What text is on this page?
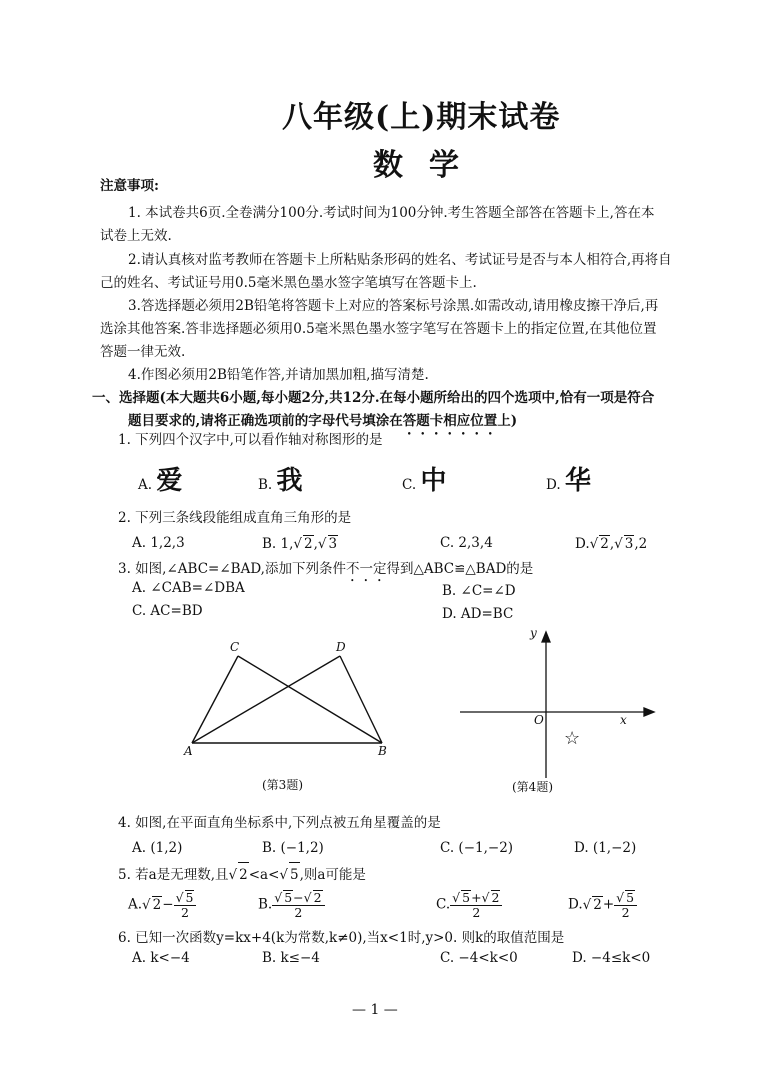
八年级(上)期末试卷
数学
注意事项:
1. 本试卷共6页.全卷满分100分.考试时间为100分钟.考生答题全部答在答题卡上,答在本
试卷上无效.
2.请认真核对监考教师在答题卡上所粘贴条形码的姓名、考试证号是否与本人相符合,再将自
己的姓名、考试证号用0.5毫米黑色墨水签字笔填写在答题卡上.
3.答选择题必须用2B铅笔将答题卡上对应的答案标号涂黑.如需改动,请用橡皮擦干净后,再
选涂其他答案.答非选择题必须用0.5毫米黑色墨水签字笔写在答题卡上的指定位置,在其他位置
答题一律无效.
4.作图必须用2B铅笔作答,并请加黑加粗,描写清楚.
一、选择题(本大题共6小题,每小题2分,共12分.在每小题所给出的四个选项中,恰有一项是符合
题目要求的,请将正确选项前的字母代号填涂在答题卡相应位置上)
1. 下列四个汉字中,可以看作轴对称图形的是
A. 爱	B. 我	C. 中	D. 华
2. 下列三条线段能组成直角三角形的是
A. 1,2,3	B. 1, √ 2, √ 3	C. 2,3,4	D. √ 2, √ 3,2
3. 如图,∠ABC=∠BAD,添加下列条件不一定得到△ABC≌△BAD的是
A. ∠CAB=∠DBA	B. ∠C=∠D
C. AC=BD	D. AD=BC
C	D
A	B
(第3题)
y
x
O
☆
(第4题)
4. 如图,在平面直角坐标系中,下列点被五角星覆盖的是
A. (1,2)	B. (−1,2)	C. (−1,−2)	D. (1,−2)
5. 若a是无理数,且 √ 2<a< √ 5,则a可能是
A. √ 2− √ $\frac{5}{2}$	B. √ $\frac{5- √ 2}{2}$	C. √ $\frac{5+ √ 2}{2}$	D. √ 2+ √ $\frac{5}{2}$
6. 已知一次函数y=kx+4(k为常数,k≠0),当x<1时,y>0. 则k的取值范围是
A. k<−4	B. k≤−4	C. −4<k<0	D. −4≤k<0
— 1 —
